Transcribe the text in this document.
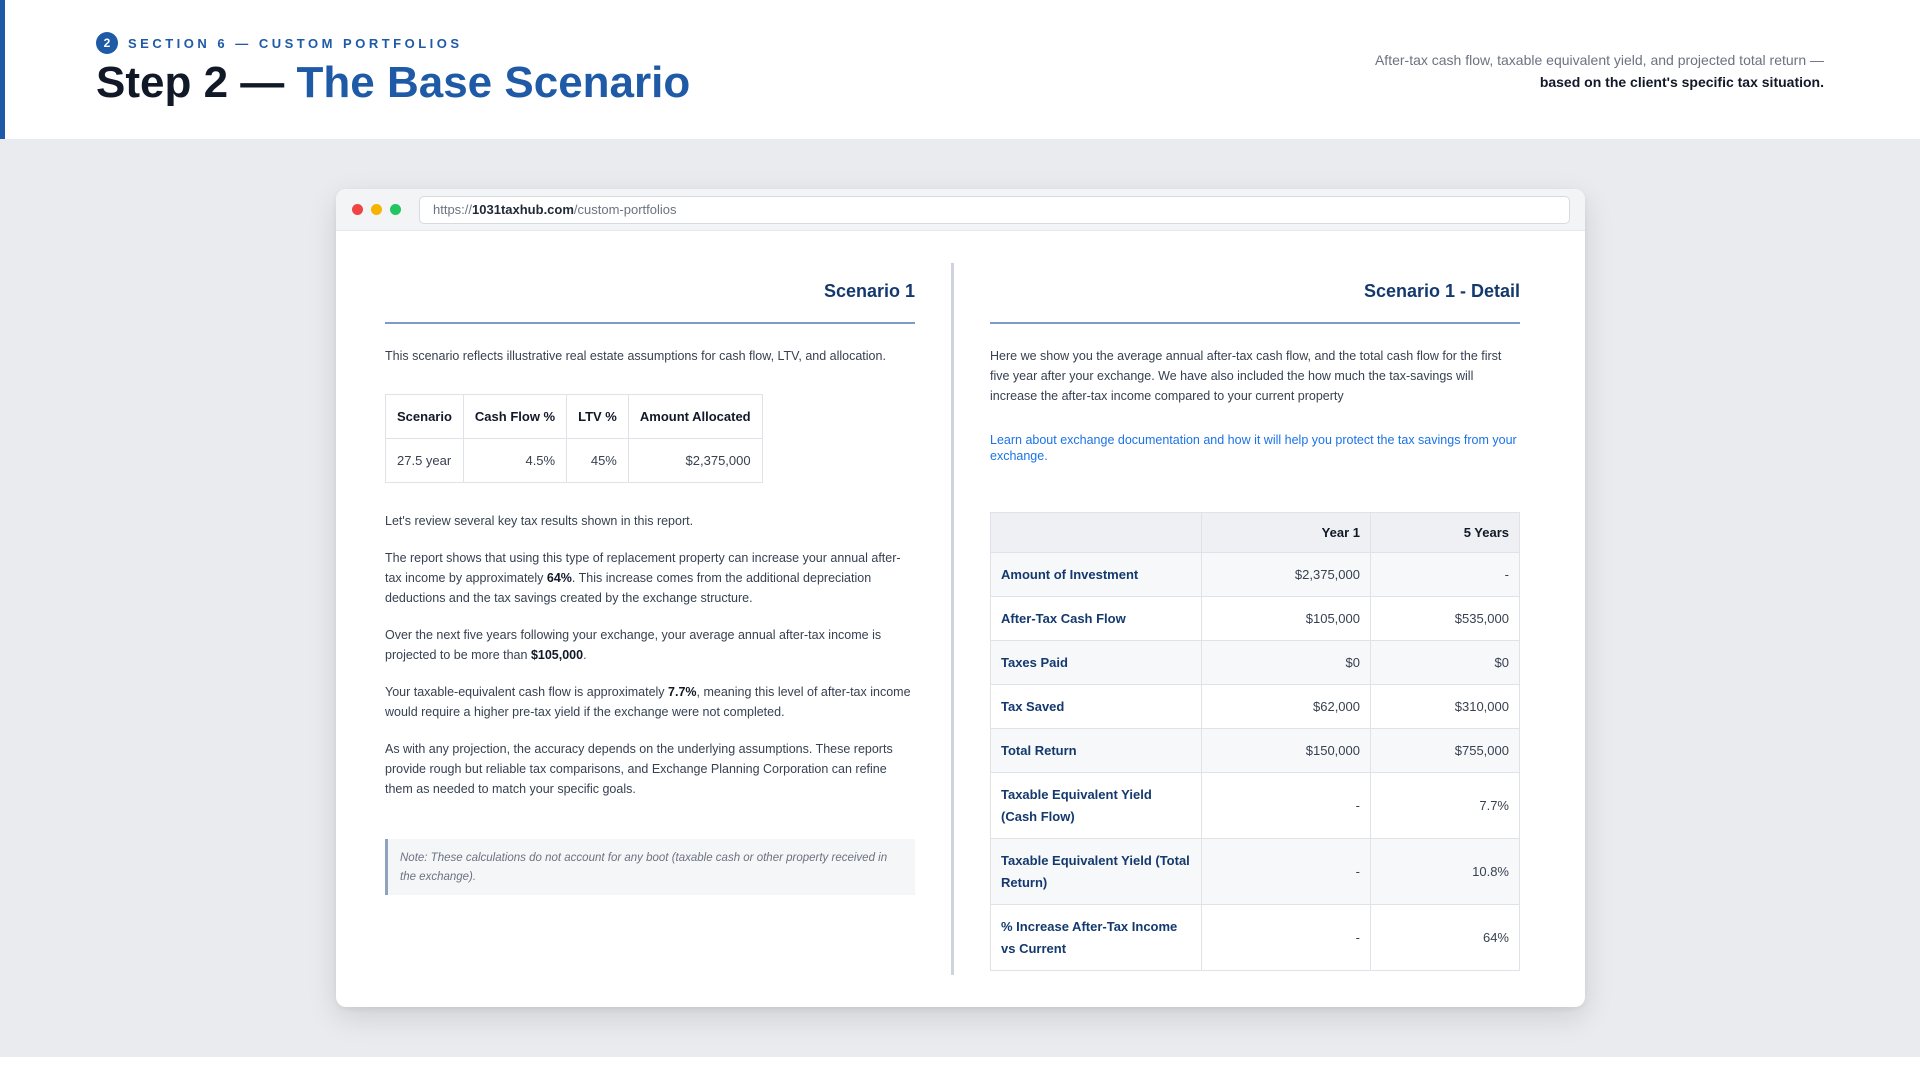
2	SECTION 6 — CUSTOM PORTFOLIOS
Step 2 — The Base Scenario	After-tax cash flow, taxable equivalent yield, and projected total return —
based on the client's specific tax situation.
https:// 1031taxhub.com /custom-portfolios
Scenario 1

This scenario reflects illustrative real estate assumptions for cash flow, LTV, and allocation.

Scenario	Cash Flow %	LTV %	Amount Allocated
27.5 year	4.5%	45%	$2,375,000

Let's review several key tax results shown in this report.

The report shows that using this type of replacement property can increase your annual after-tax income by approximately 64%. This increase comes from the additional depreciation deductions and the tax savings created by the exchange structure.

Over the next five years following your exchange, your average annual after-tax income is projected to be more than $105,000.

Your taxable-equivalent cash flow is approximately 7.7%, meaning this level of after-tax income would require a higher pre-tax yield if the exchange were not completed.

As with any projection, the accuracy depends on the underlying assumptions. These reports provide rough but reliable tax comparisons, and Exchange Planning Corporation can refine them as needed to match your specific goals.

Note: These calculations do not account for any boot (taxable cash or other property received in the exchange).
Scenario 1 - Detail

Here we show you the average annual after-tax cash flow, and the total cash flow for the first five year after your exchange. We have also included the how much the tax-savings will increase the after-tax income compared to your current property

Learn about exchange documentation and how it will help you protect the tax savings from your exchange.

	Year 1	5 Years
Amount of Investment	$2,375,000	-
After-Tax Cash Flow	$105,000	$535,000
Taxes Paid	$0	$0
Tax Saved	$62,000	$310,000
Total Return	$150,000	$755,000
Taxable Equivalent Yield (Cash Flow)	-	7.7%
Taxable Equivalent Yield (Total Return)	-	10.8%
% Increase After-Tax Income vs Current	-	64%
